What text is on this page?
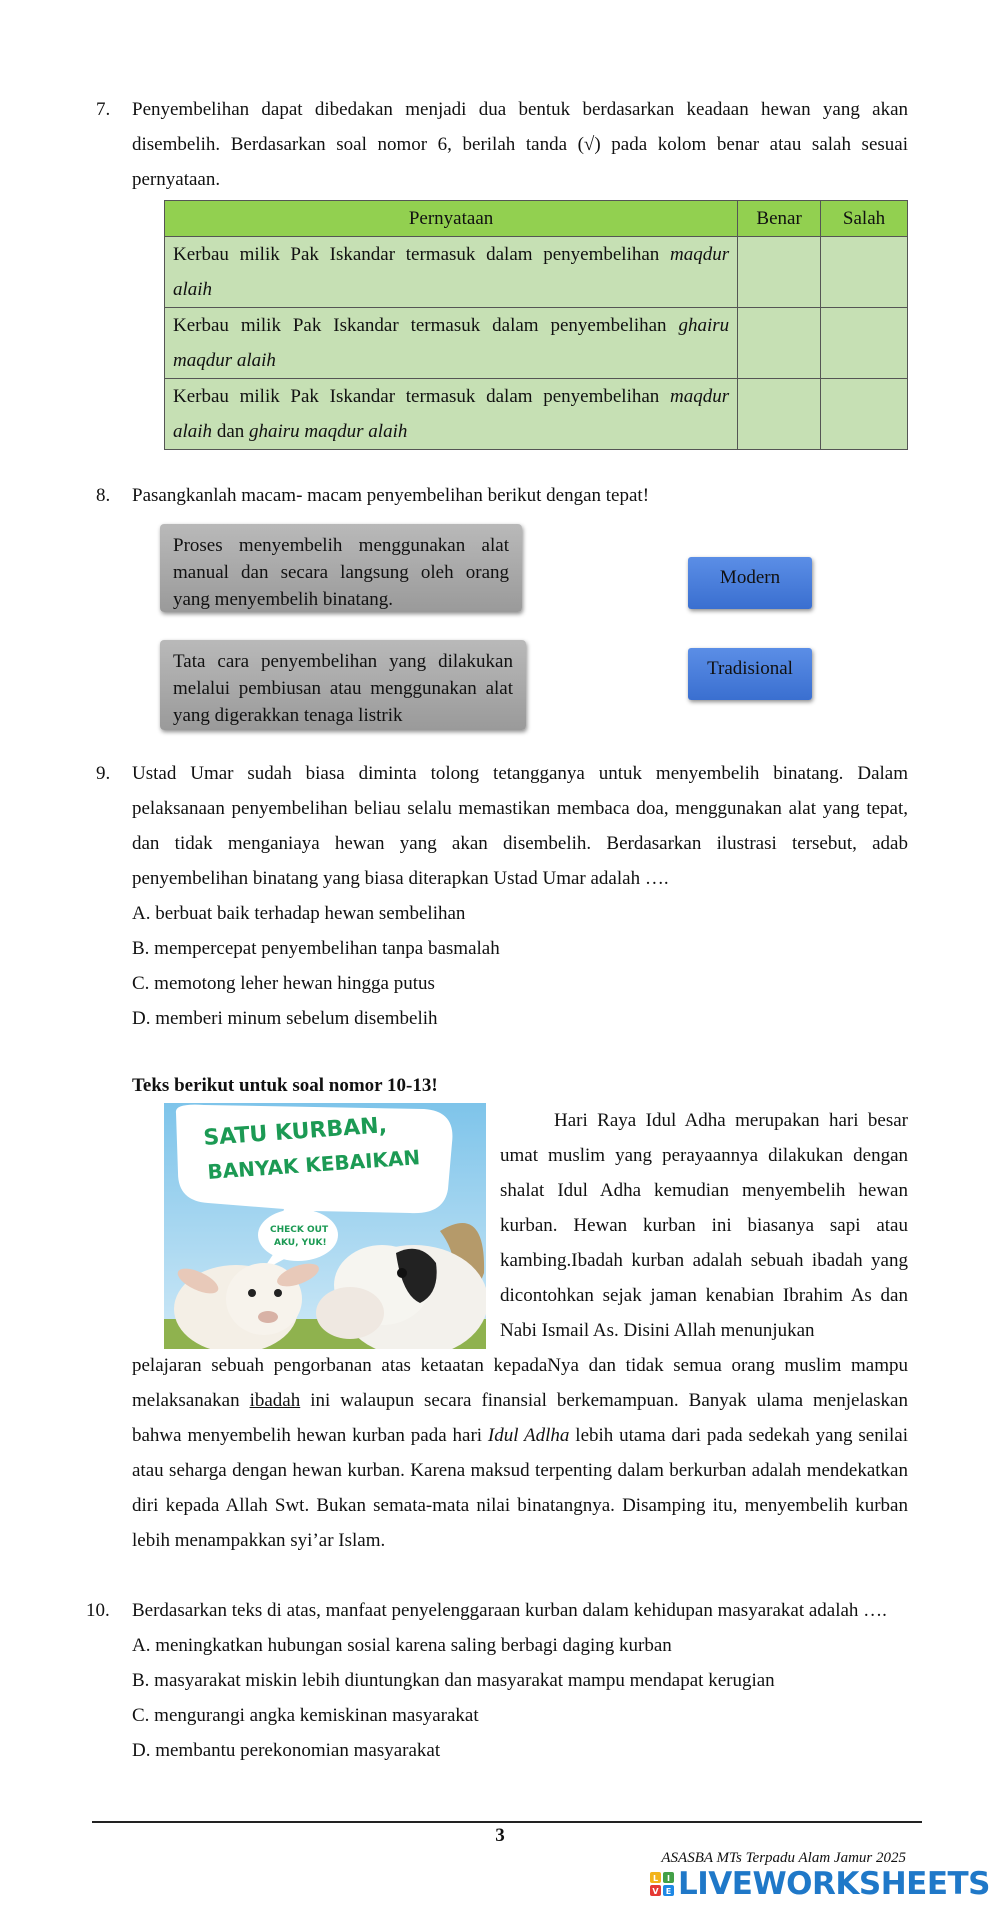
7. Penyembelihan dapat dibedakan menjadi dua bentuk berdasarkan keadaan hewan yang akan disembelih. Berdasarkan soal nomor 6, berilah tanda (√) pada kolom benar atau salah sesuai pernyataan.
Pernyataan	Benar	Salah
Kerbau milik Pak Iskandar termasuk dalam penyembelihan maqdur alaih		
Kerbau milik Pak Iskandar termasuk dalam penyembelihan ghairu maqdur alaih		
Kerbau milik Pak Iskandar termasuk dalam penyembelihan maqdur alaih dan ghairu maqdur alaih		
8. Pasangkanlah macam- macam penyembelihan berikut dengan tepat!
Proses menyembelih menggunakan alat manual dan secara langsung oleh orang yang menyembelih binatang.
Tata cara penyembelihan yang dilakukan melalui pembiusan atau menggunakan alat yang digerakkan tenaga listrik
Modern
Tradisional
9. Ustad Umar sudah biasa diminta tolong tetangganya untuk menyembelih binatang. Dalam pelaksanaan penyembelihan beliau selalu memastikan membaca doa, menggunakan alat yang tepat, dan tidak menganiaya hewan yang akan disembelih. Berdasarkan ilustrasi tersebut, adab penyembelihan binatang yang biasa diterapkan Ustad Umar adalah ….
A. berbuat baik terhadap hewan sembelihan
B. mempercepat penyembelihan tanpa basmalah
C. memotong leher hewan hingga putus
D. memberi minum sebelum disembelih
Teks berikut untuk soal nomor 10-13!
SATU KURBAN,
BANYAK KEBAIKAN
CHECK OUT
AKU, YUK!
Hari Raya Idul Adha merupakan hari besar umat muslim yang perayaannya dilakukan dengan shalat Idul Adha kemudian menyembelih hewan kurban. Hewan kurban ini biasanya sapi atau kambing.Ibadah kurban adalah sebuah ibadah yang dicontohkan sejak jaman kenabian Ibrahim As dan Nabi Ismail As. Disini Allah menunjukan
pelajaran sebuah pengorbanan atas ketaatan kepadaNya dan tidak semua orang muslim mampu melaksanakan ibadah ini walaupun secara finansial berkemampuan. Banyak ulama menjelaskan bahwa menyembelih hewan kurban pada hari Idul Adlha lebih utama dari pada sedekah yang senilai atau seharga dengan hewan kurban. Karena maksud terpenting dalam berkurban adalah mendekatkan diri kepada Allah Swt. Bukan semata-mata nilai binatangnya. Disamping itu, menyembelih kurban lebih menampakkan syi’ar Islam.
10. Berdasarkan teks di atas, manfaat penyelenggaraan kurban dalam kehidupan masyarakat adalah ….
A. meningkatkan hubungan sosial karena saling berbagi daging kurban
B. masyarakat miskin lebih diuntungkan dan masyarakat mampu mendapat kerugian
C. mengurangi angka kemiskinan masyarakat
D. membantu perekonomian masyarakat
3
ASASBA MTs Terpadu Alam Jamur 2025
L I
V E LIVEWORKSHEETS
